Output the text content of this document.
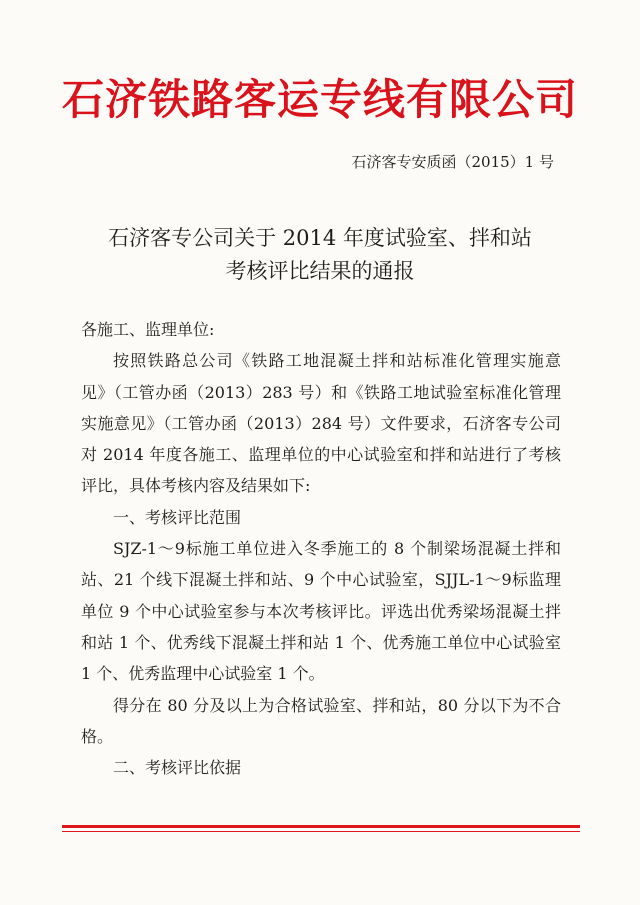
石济铁路客运专线有限公司
石济客专安质函（2015）1 号
石济客专公司关于 2014 年度试验室、拌和站
考核评比结果的通报

各施工、监理单位:

按照铁路总公司《铁路工地混凝土拌和站标准化管理实施意见》（工管办函（2013）283 号）和《铁路工地试验室标准化管理实施意见》（工管办函（2013）284 号）文件要求，石济客专公司对 2014 年度各施工、监理单位的中心试验室和拌和站进行了考核评比，具体考核内容及结果如下:

一、考核评比范围

SJZ-1～9标施工单位进入冬季施工的 8 个制梁场混凝土拌和站、21 个线下混凝土拌和站、9 个中心试验室，SJJL-1～9标监理单位 9 个中心试验室参与本次考核评比。评选出优秀梁场混凝土拌和站 1 个、优秀线下混凝土拌和站 1 个、优秀施工单位中心试验室 1 个、优秀监理中心试验室 1 个。

得分在 80 分及以上为合格试验室、拌和站，80 分以下为不合格。

二、考核评比依据
